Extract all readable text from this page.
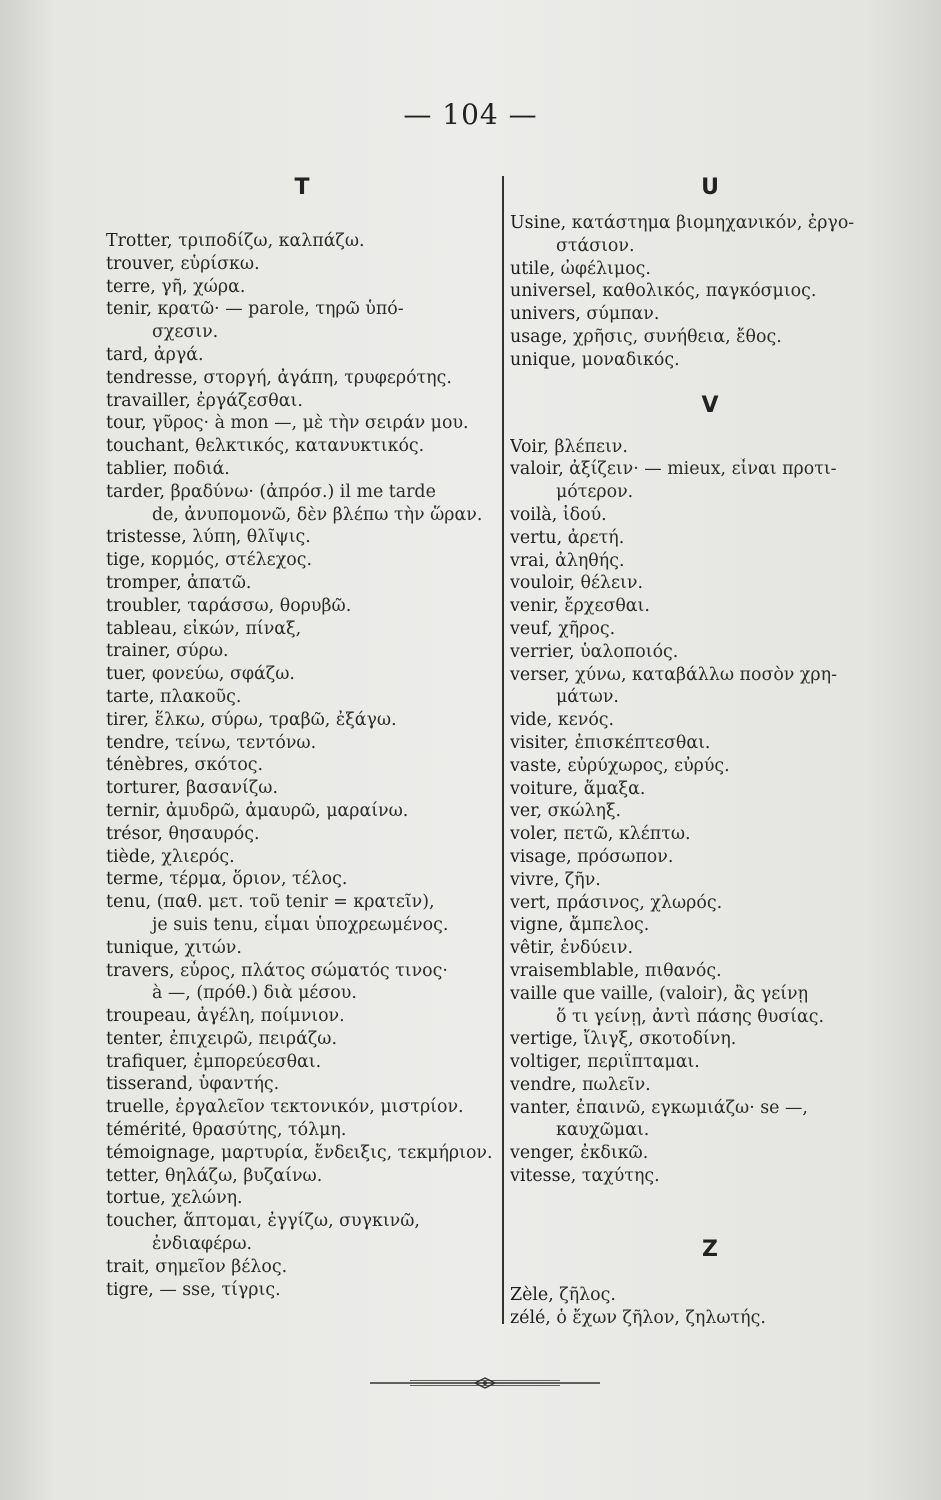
— 104 —
T
Trotter, τριποδίζω, καλπάζω.
trouver, εὑρίσκω.
terre, γῆ, χώρα.
tenir, κρατῶ· — parole, τηρῶ ὑπό-
σχεσιν.
tard, ἀργά.
tendresse, στοργή, ἀγάπη, τρυφερότης.
travailler, ἐργάζεσθαι.
tour, γῦρος· à mon —, μὲ τὴν σειράν μου.
touchant, θελκτικός, κατανυκτικός.
tablier, ποδιά.
tarder, βραδύνω· (ἀπρόσ.) il me tarde
de, ἀνυπομονῶ, δὲν βλέπω τὴν ὥραν.
tristesse, λύπη, θλῖψις.
tige, κορμός, στέλεχος.
tromper, ἀπατῶ.
troubler, ταράσσω, θορυβῶ.
tableau, εἰκών, πίναξ,
trainer, σύρω.
tuer, φονεύω, σφάζω.
tarte, πλακοῦς.
tirer, ἕλκω, σύρω, τραβῶ, ἐξάγω.
tendre, τείνω, τεντόνω.
ténèbres, σκότος.
torturer, βασανίζω.
ternir, ἀμυδρῶ, ἀμαυρῶ, μαραίνω.
trésor, θησαυρός.
tiède, χλιερός.
terme, τέρμα, ὅριον, τέλος.
tenu, (παθ. μετ. τοῦ tenir = κρατεῖν),
je suis tenu, εἶμαι ὑποχρεωμένος.
tunique, χιτών.
travers, εὖρος, πλάτος σώματός τινος·
à —, (πρόθ.) διὰ μέσου.
troupeau, ἀγέλη, ποίμνιον.
tenter, ἐπιχειρῶ, πειράζω.
trafiquer, ἐμπορεύεσθαι.
tisserand, ὑφαντής.
truelle, ἐργαλεῖον τεκτονικόν, μιστρίον.
témérité, θρασύτης, τόλμη.
témoignage, μαρτυρία, ἔνδειξις, τεκμήριον.
tetter, θηλάζω, βυζαίνω.
tortue, χελώνη.
toucher, ἅπτομαι, ἐγγίζω, συγκινῶ,
ἐνδιαφέρω.
trait, σημεῖον βέλος.
tigre, — sse, τίγρις.
U
Usine, κατάστημα βιομηχανικόν, ἐργο-
στάσιον.
utile, ὠφέλιμος.
universel, καθολικός, παγκόσμιος.
univers, σύμπαν.
usage, χρῆσις, συνήθεια, ἔθος.
unique, μοναδικός.
V
Voir, βλέπειν.
valoir, ἀξίζειν· — mieux, εἶναι προτι-
μότερον.
voilà, ἰδού.
vertu, ἀρετή.
vrai, ἀληθής.
vouloir, θέλειν.
venir, ἔρχεσθαι.
veuf, χῆρος.
verrier, ὑαλοποιός.
verser, χύνω, καταβάλλω ποσὸν χρη-
μάτων.
vide, κενός.
visiter, ἐπισκέπτεσθαι.
vaste, εὐρύχωρος, εὐρύς.
voiture, ἅμαξα.
ver, σκώληξ.
voler, πετῶ, κλέπτω.
visage, πρόσωπον.
vivre, ζῆν.
vert, πράσινος, χλωρός.
vigne, ἄμπελος.
vêtir, ἐνδύειν.
vraisemblable, πιθανός.
vaille que vaille, (valoir), ἂς γείνῃ
ὅ τι γείνῃ, ἀντὶ πάσης θυσίας.
vertige, ἴλιγξ, σκοτοδίνη.
voltiger, περιΐπταμαι.
vendre, πωλεῖν.
vanter, ἐπαινῶ, εγκωμιάζω· se —,
καυχῶμαι.
venger, ἐκδικῶ.
vitesse, ταχύτης.
Z
Zèle, ζῆλος.
zélé, ὁ ἔχων ζῆλον, ζηλωτής.
